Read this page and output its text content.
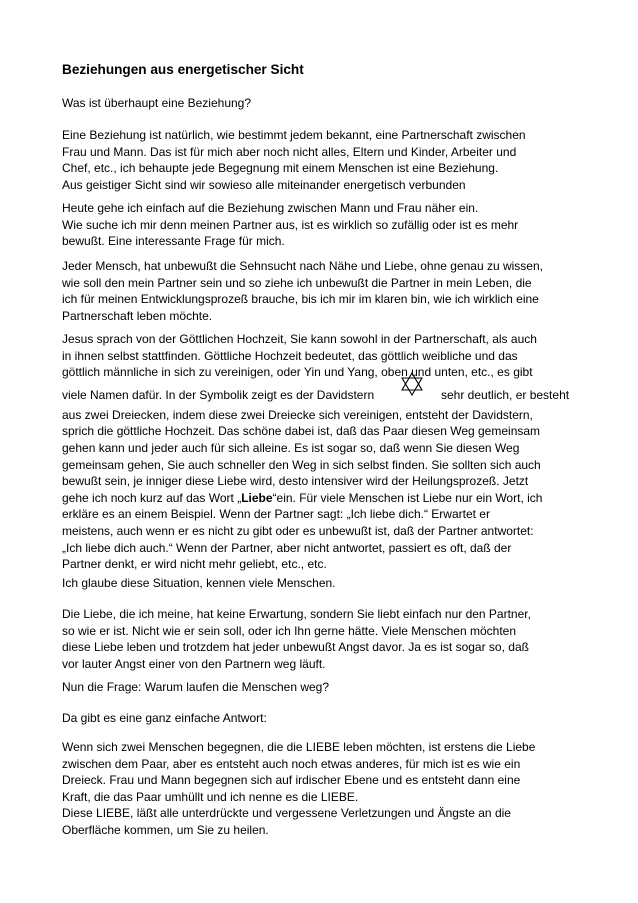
Beziehungen aus energetischer Sicht
Was ist überhaupt eine Beziehung?
Eine Beziehung ist natürlich, wie bestimmt jedem bekannt, eine Partnerschaft zwischen
Frau und Mann. Das ist für mich aber noch nicht alles, Eltern und Kinder, Arbeiter und
Chef, etc., ich behaupte jede Begegnung mit einem Menschen ist eine Beziehung.
Aus geistiger Sicht sind wir sowieso alle miteinander energetisch verbunden
Heute gehe ich einfach auf die Beziehung zwischen Mann und Frau näher ein.
Wie suche ich mir denn meinen Partner aus, ist es wirklich so zufällig oder ist es mehr
bewußt. Eine interessante Frage für mich.
Jeder Mensch, hat unbewußt die Sehnsucht nach Nähe und Liebe, ohne genau zu wissen,
wie soll den mein Partner sein und so ziehe ich unbewußt die Partner in mein Leben, die
ich für meinen Entwicklungsprozeß brauche, bis ich mir im klaren bin, wie ich wirklich eine
Partnerschaft leben möchte.
Jesus sprach von der Göttlichen Hochzeit, Sie kann sowohl in der Partnerschaft, als auch
in ihnen selbst stattfinden. Göttliche Hochzeit bedeutet, das göttlich weibliche und das
göttlich männliche in sich zu vereinigen, oder Yin und Yang, oben und unten, etc., es gibt
viele Namen dafür. In der Symbolik zeigt es der Davidstern	sehr deutlich, er besteht
aus zwei Dreiecken, indem diese zwei Dreiecke sich vereinigen, entsteht der Davidstern,
sprich die göttliche Hochzeit. Das schöne dabei ist, daß das Paar diesen Weg gemeinsam
gehen kann und jeder auch für sich alleine. Es ist sogar so, daß wenn Sie diesen Weg
gemeinsam gehen, Sie auch schneller den Weg in sich selbst finden. Sie sollten sich auch
bewußt sein, je inniger diese Liebe wird, desto intensiver wird der Heilungsprozeß. Jetzt
gehe ich noch kurz auf das Wort „Liebe“ein. Für viele Menschen ist Liebe nur ein Wort, ich
erkläre es an einem Beispiel. Wenn der Partner sagt: „Ich liebe dich.“ Erwartet er
meistens, auch wenn er es nicht zu gibt oder es unbewußt ist, daß der Partner antwortet:
„Ich liebe dich auch.“ Wenn der Partner, aber nicht antwortet, passiert es oft, daß der
Partner denkt, er wird nicht mehr geliebt, etc., etc.
Ich glaube diese Situation, kennen viele Menschen.
Die Liebe, die ich meine, hat keine Erwartung, sondern Sie liebt einfach nur den Partner,
so wie er ist. Nicht wie er sein soll, oder ich Ihn gerne hätte. Viele Menschen möchten
diese Liebe leben und trotzdem hat jeder unbewußt Angst davor. Ja es ist sogar so, daß
vor lauter Angst einer von den Partnern weg läuft.
Nun die Frage: Warum laufen die Menschen weg?
Da gibt es eine ganz einfache Antwort:
Wenn sich zwei Menschen begegnen, die die LIEBE leben möchten, ist erstens die Liebe
zwischen dem Paar, aber es entsteht auch noch etwas anderes, für mich ist es wie ein
Dreieck. Frau und Mann begegnen sich auf irdischer Ebene und es entsteht dann eine
Kraft, die das Paar umhüllt und ich nenne es die LIEBE.
Diese LIEBE, läßt alle unterdrückte und vergessene Verletzungen und Ängste an die
Oberfläche kommen, um Sie zu heilen.
